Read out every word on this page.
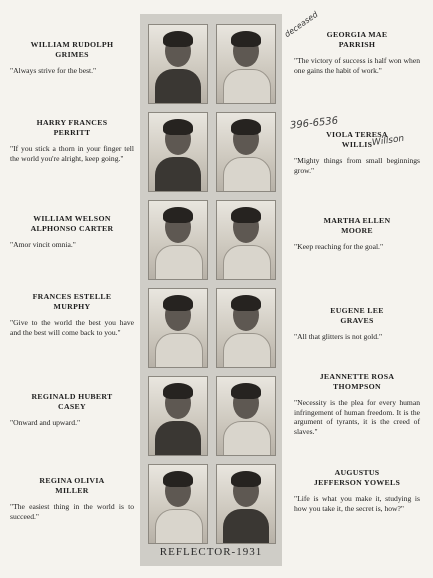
WILLIAM RUDOLPH
GRIMES
"Always strive for the best."
HARRY FRANCES
PERRITT
"If you stick a thorn in your finger tell the world you're alright, keep going."
WILLIAM WELSON
ALPHONSO CARTER
"Amor vincit omnia."
FRANCES ESTELLE
MURPHY
"Give to the world the best you have and the best will come back to you."
REGINALD HUBERT
CASEY
"Onward and upward."
REGINA OLIVIA
MILLER
"The easiest thing in the world is to succeed."
REFLECTOR-1931
GEORGIA MAE
PARRISH
"The victory of success is half won when one gains the habit of work."
VIOLA TERESA
WILLIS
"Mighty things from small beginnings grow."
MARTHA ELLEN
MOORE
"Keep reaching for the goal."
EUGENE LEE
GRAVES
"All that glitters is not gold."
JEANNETTE ROSA
THOMPSON
"Necessity is the plea for every human infringement of human freedom. It is the argument of tyrants, it is the creed of slaves."
AUGUSTUS
JEFFERSON YOWELS
"Life is what you make it, studying is how you take it, the secret is, how?"
deceased
396-6536
Willson
